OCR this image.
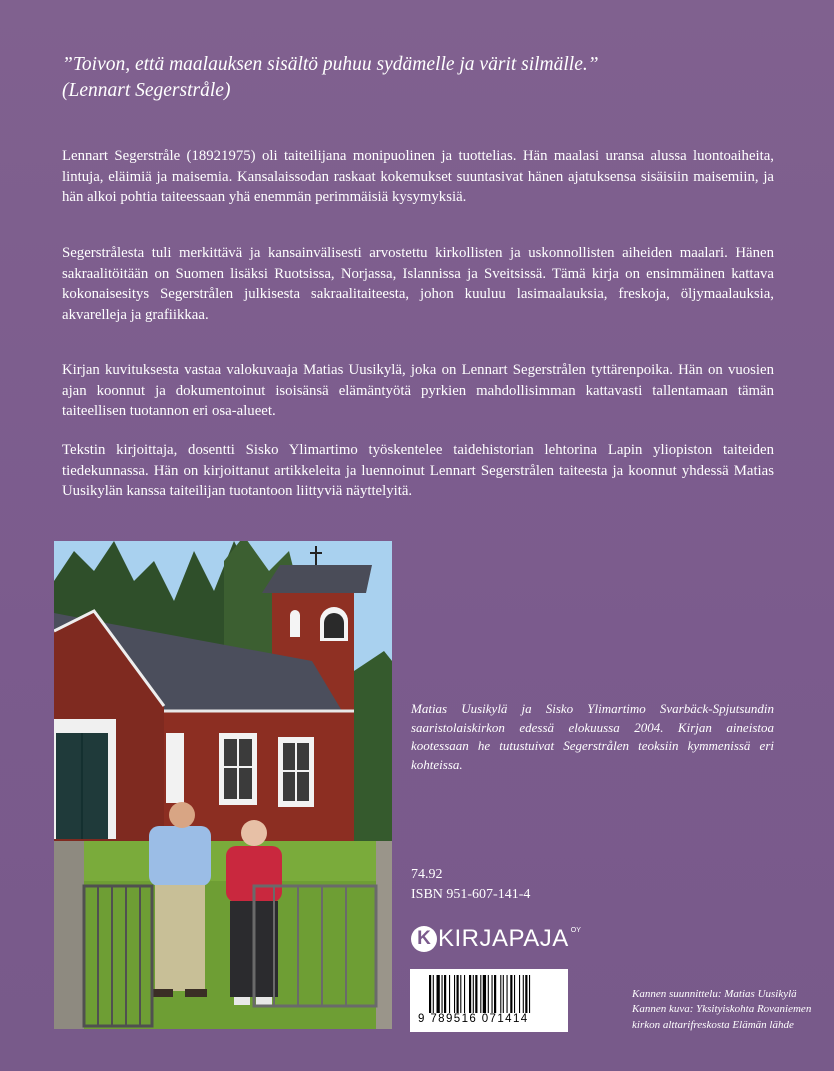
”Toivon, että maalauksen sisältö puhuu sydämelle ja värit silmälle.”
(Lennart Segerstråle)
Lennart Segerstråle (18921975) oli taiteilijana monipuolinen ja tuottelias. Hän maalasi uransa alussa luontoaiheita, lintuja, eläimiä ja maisemia. Kansalaissodan raskaat kokemukset suuntasivat hänen ajatuksensa sisäisiin maisemiin, ja hän alkoi pohtia taiteessaan yhä enemmän perimmäisiä kysymyksiä.
Segerstrålesta tuli merkittävä ja kansainvälisesti arvostettu kirkollisten ja uskonnollisten aiheiden maalari. Hänen sakraalitöitään on Suomen lisäksi Ruotsissa, Norjassa, Islannissa ja Sveitsissä. Tämä kirja on ensimmäinen kattava kokonaisesitys Segerstrålen julkisesta sakraalitaiteesta, johon kuuluu lasimaalauksia, freskoja, öljymaalauksia, akvarelleja ja grafiikkaa.
Kirjan kuvituksesta vastaa valokuvaaja Matias Uusikylä, joka on Lennart Segerstrålen tyttärenpoika. Hän on vuosien ajan koonnut ja dokumentoinut isoisänsä elämäntyötä pyrkien mahdollisimman kattavasti tallentamaan tämän taiteellisen tuotannon eri osa-alueet.
Tekstin kirjoittaja, dosentti Sisko Ylimartimo työskentelee taidehistorian lehtorina Lapin yliopiston taiteiden tiedekunnassa. Hän on kirjoittanut artikkeleita ja luennoinut Lennart Segerstrålen taiteesta ja koonnut yhdessä Matias Uusikylän kanssa taiteilijan tuotantoon liittyviä näyttelyitä.
Matias Uusikylä ja Sisko Ylimartimo Svarbäck-Spjutsundin saaristolaiskirkon edessä elokuussa 2004. Kirjan aineistoa kootessaan he tutustuivat Segerstrålen teoksiin kymmenissä eri kohteissa.
74.92
ISBN 951-607-141-4
K KIRJAPAJA OY
9 789516 071414
Kannen suunnittelu: Matias Uusikylä
Kannen kuva: Yksityiskohta Rovaniemen
kirkon alttarifreskosta Elämän lähde
